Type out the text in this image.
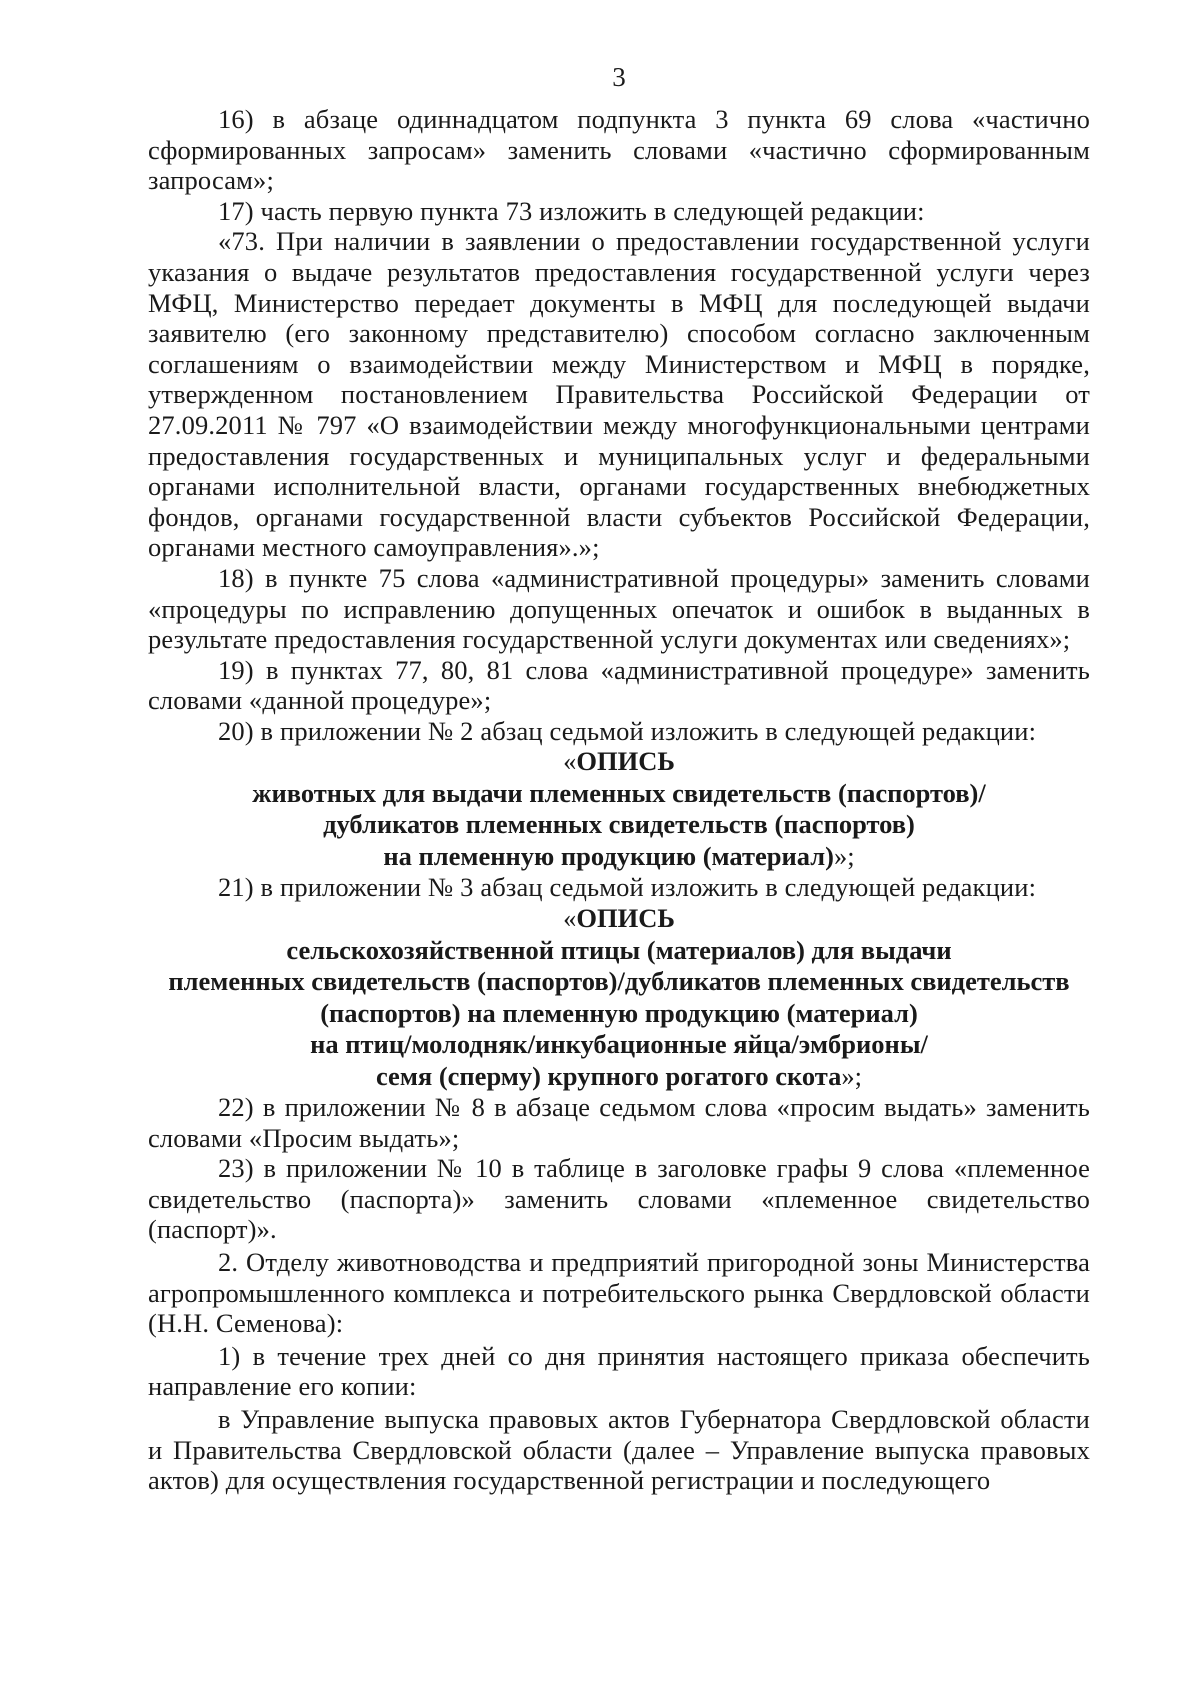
3

16) в абзаце одиннадцатом подпункта 3 пункта 69 слова «частично сформированных запросам» заменить словами «частично сформированным запросам»;

17) часть первую пункта 73 изложить в следующей редакции:

«73. При наличии в заявлении о предоставлении государственной услуги указания о выдаче результатов предоставления государственной услуги через МФЦ, Министерство передает документы в МФЦ для последующей выдачи заявителю (его законному представителю) способом согласно заключенным соглашениям о взаимодействии между Министерством и МФЦ в порядке, утвержденном постановлением Правительства Российской Федерации от 27.09.2011 № 797 «О взаимодействии между многофункциональными центрами предоставления государственных и муниципальных услуг и федеральными органами исполнительной власти, органами государственных внебюджетных фондов, органами государственной власти субъектов Российской Федерации, органами местного самоуправления».»;

18) в пункте 75 слова «административной процедуры» заменить словами «процедуры по исправлению допущенных опечаток и ошибок в выданных в результате предоставления государственной услуги документах или сведениях»;

19) в пунктах 77, 80, 81 слова «административной процедуре» заменить словами «данной процедуре»;

20) в приложении № 2 абзац седьмой изложить в следующей редакции:

«ОПИСЬ
животных для выдачи племенных свидетельств (паспортов)/
дубликатов племенных свидетельств (паспортов)
на племенную продукцию (материал)»;

21) в приложении № 3 абзац седьмой изложить в следующей редакции:

«ОПИСЬ
сельскохозяйственной птицы (материалов) для выдачи
племенных свидетельств (паспортов)/дубликатов племенных свидетельств
(паспортов) на племенную продукцию (материал)
на птиц/молодняк/инкубационные яйца/эмбрионы/
семя (сперму) крупного рогатого скота»;

22) в приложении № 8 в абзаце седьмом слова «просим выдать» заменить словами «Просим выдать»;

23) в приложении № 10 в таблице в заголовке графы 9 слова «племенное свидетельство (паспорта)» заменить словами «племенное свидетельство (паспорт)».

2. Отделу животноводства и предприятий пригородной зоны Министерства агропромышленного комплекса и потребительского рынка Свердловской области (Н.Н. Семенова):

1) в течение трех дней со дня принятия настоящего приказа обеспечить направление его копии:

в Управление выпуска правовых актов Губернатора Свердловской области и Правительства Свердловской области (далее – Управление выпуска правовых актов) для осуществления государственной регистрации и последующего
